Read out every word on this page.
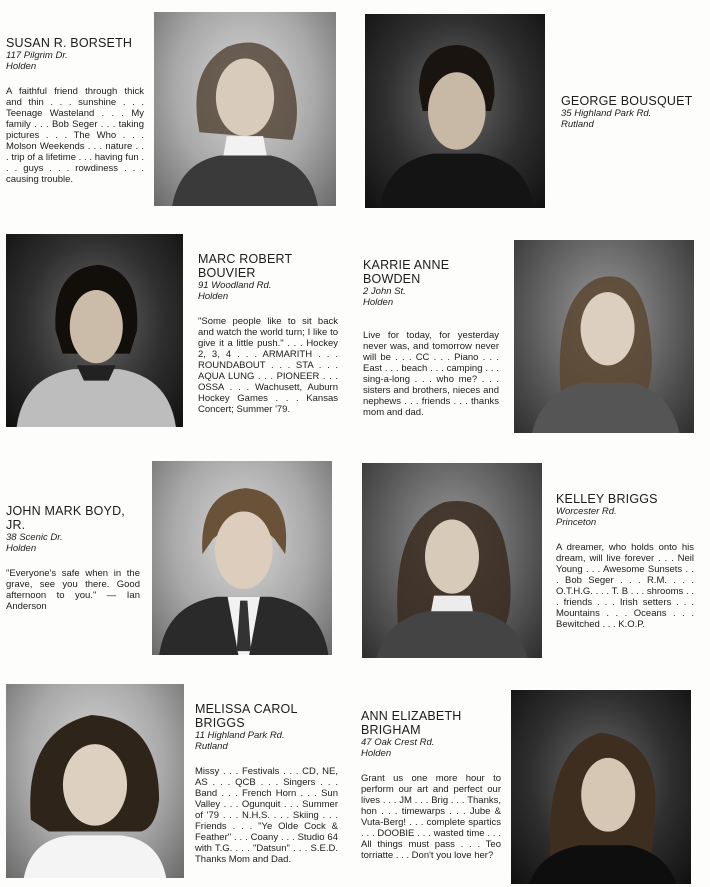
SUSAN R. BORSETH

117 Pilgrim Dr.

Holden

A faithful friend through thick and thin . . . sunshine . . . Teenage Wasteland . . . My family . . . Bob Seger . . . taking pictures . . . The Who . . . Molson Weekends . . . nature . . . trip of a lifetime . . . having fun . . . guys . . . rowdiness . . . causing trouble.

GEORGE BOUSQUET

35 Highland Park Rd.

Rutland

MARC ROBERT BOUVIER

91 Woodland Rd.

Holden

"Some people like to sit back and watch the world turn; I like to give it a little push." . . . Hockey 2, 3, 4 . . . ARMARITH . . . ROUNDABOUT . . . STA . . . AQUA LUNG . . . PIONEER . . . OSSA . . . Wachusett, Auburn Hockey Games . . . Kansas Concert; Summer '79.

KARRIE ANNE BOWDEN

2 John St.

Holden

Live for today, for yesterday never was, and tomorrow never will be . . . CC . . . Piano . . . East . . . beach . . . camping . . . sing-a-long . . . who me? . . . sisters and brothers, nieces and nephews . . . friends . . . thanks mom and dad.

JOHN MARK BOYD, JR.

38 Scenic Dr.

Holden

"Everyone's safe when in the grave, see you there. Good afternoon to you." — Ian Anderson

KELLEY BRIGGS

Worcester Rd.

Princeton

A dreamer, who holds onto his dream, will live forever . . . Neil Young . . . Awesome Sunsets . . . Bob Seger . . . R.M. . . . O.T.H.G. . . . T. B . . . shrooms . . . friends . . . Irish setters . . . Mountains . . . Oceans . . . Bewitched . . . K.O.P.

MELISSA CAROL BRIGGS

11 Highland Park Rd.

Rutland

Missy . . . Festivals . . . CD, NE, AS . . . QCB . . . Singers . . . Band . . . French Horn . . . Sun Valley . . . Ogunquit . . . Summer of '79 . . . N.H.S. . . . Skiing . . . Friends . . . "Ye Olde Cock & Feather" . . . Coany . . . Studio 64 with T.G. . . . "Datsun" . . . S.E.D. Thanks Mom and Dad.

ANN ELIZABETH BRIGHAM

47 Oak Crest Rd.

Holden

Grant us one more hour to perform our art and perfect our lives . . . JM . . . Brig . . . Thanks, hon . . . timewarps . . . Jube & Vuta-Berg! . . . complete spartics . . . DOOBIE . . . wasted time . . . All things must pass . . . Teo torriatte . . . Don't you love her?
